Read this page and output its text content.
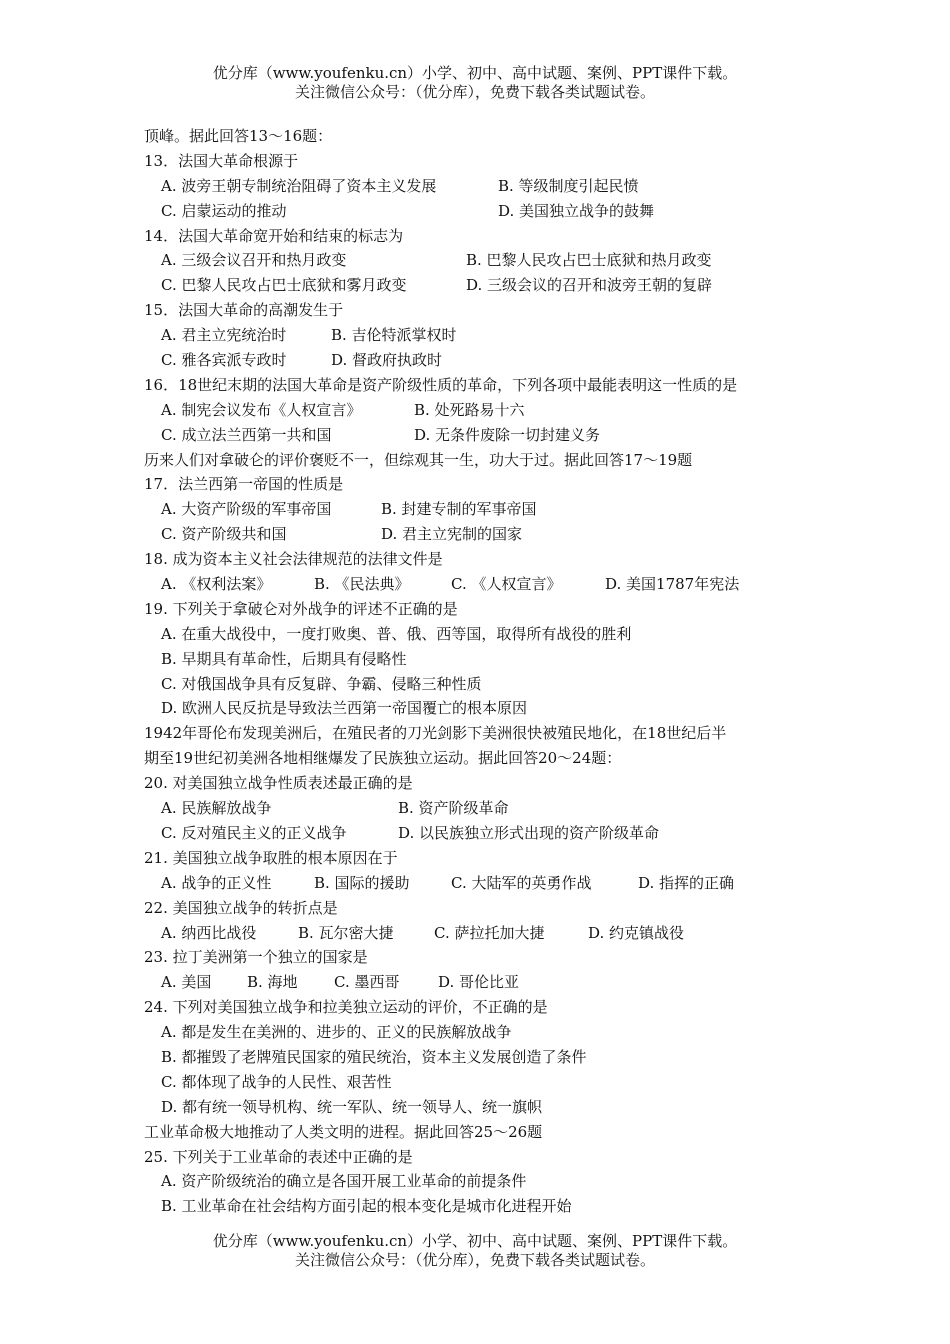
优分库（www.youfenku.cn）小学、初中、高中试题、案例、PPT课件下载。
关注微信公众号：（优分库），免费下载各类试题试卷。
顶峰。据此回答13～16题：
13．法国大革命根源于
A. 波旁王朝专制统治阻碍了资本主义发展	B. 等级制度引起民愤
C. 启蒙运动的推动	D. 美国独立战争的鼓舞
14．法国大革命宽开始和结束的标志为
A. 三级会议召开和热月政变	B. 巴黎人民攻占巴士底狱和热月政变
C. 巴黎人民攻占巴士底狱和雾月政变	D. 三级会议的召开和波旁王朝的复辟
15．法国大革命的高潮发生于
A. 君主立宪统治时	B. 吉伦特派掌权时
C. 雅各宾派专政时	D. 督政府执政时
16．18世纪末期的法国大革命是资产阶级性质的革命，下列各项中最能表明这一性质的是
A. 制宪会议发布《人权宣言》	B. 处死路易十六
C. 成立法兰西第一共和国	D. 无条件废除一切封建义务
历来人们对拿破仑的评价褒贬不一，但综观其一生，功大于过。据此回答17～19题
17．法兰西第一帝国的性质是
A. 大资产阶级的军事帝国	B. 封建专制的军事帝国
C. 资产阶级共和国	D. 君主立宪制的国家
18. 成为资本主义社会法律规范的法律文件是
A. 《权利法案》	B. 《民法典》	C. 《人权宣言》	D. 美国1787年宪法
19. 下列关于拿破仑对外战争的评述不正确的是
A. 在重大战役中，一度打败奥、普、俄、西等国，取得所有战役的胜利
B. 早期具有革命性，后期具有侵略性
C. 对俄国战争具有反复辟、争霸、侵略三种性质
D. 欧洲人民反抗是导致法兰西第一帝国覆亡的根本原因
1942年哥伦布发现美洲后，在殖民者的刀光剑影下美洲很快被殖民地化，在18世纪后半
期至19世纪初美洲各地相继爆发了民族独立运动。据此回答20～24题：
20. 对美国独立战争性质表述最正确的是
A. 民族解放战争	B. 资产阶级革命
C. 反对殖民主义的正义战争	D. 以民族独立形式出现的资产阶级革命
21. 美国独立战争取胜的根本原因在于
A. 战争的正义性	B. 国际的援助	C. 大陆军的英勇作战	D. 指挥的正确
22. 美国独立战争的转折点是
A. 纳西比战役	B. 瓦尔密大捷	C. 萨拉托加大捷	D. 约克镇战役
23. 拉丁美洲第一个独立的国家是
A. 美国 B. 海地 C. 墨西哥	D. 哥伦比亚
24. 下列对美国独立战争和拉美独立运动的评价，不正确的是
A. 都是发生在美洲的、进步的、正义的民族解放战争
B. 都摧毁了老牌殖民国家的殖民统治，资本主义发展创造了条件
C. 都体现了战争的人民性、艰苦性
D. 都有统一领导机构、统一军队、统一领导人、统一旗帜
工业革命极大地推动了人类文明的进程。据此回答25～26题
25. 下列关于工业革命的表述中正确的是
A. 资产阶级统治的确立是各国开展工业革命的前提条件
B. 工业革命在社会结构方面引起的根本变化是城市化进程开始
优分库（www.youfenku.cn）小学、初中、高中试题、案例、PPT课件下载。
关注微信公众号：（优分库），免费下载各类试题试卷。
